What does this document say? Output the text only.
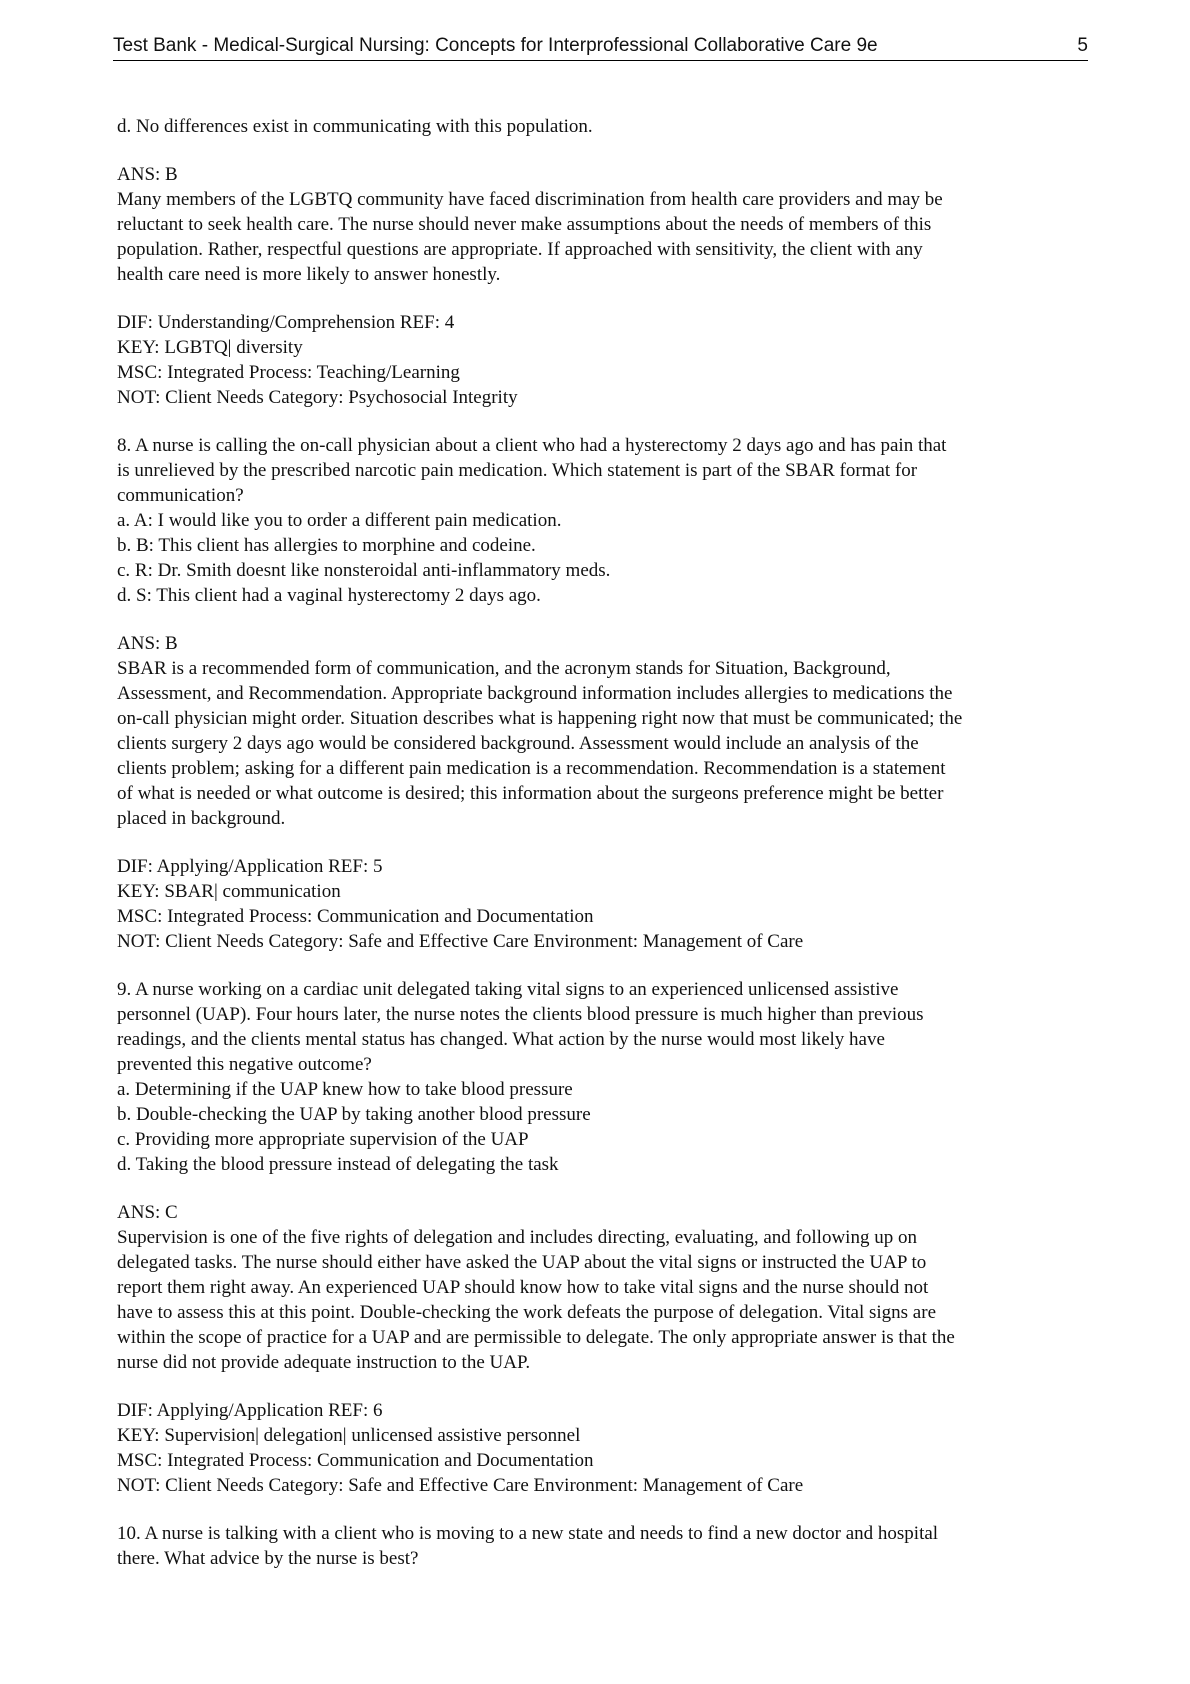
Test Bank - Medical-Surgical Nursing: Concepts for Interprofessional Collaborative Care 9e	5
d. No differences exist in communicating with this population.
ANS: B
Many members of the LGBTQ community have faced discrimination from health care providers and may be
reluctant to seek health care. The nurse should never make assumptions about the needs of members of this
population. Rather, respectful questions are appropriate. If approached with sensitivity, the client with any
health care need is more likely to answer honestly.
DIF: Understanding/Comprehension REF: 4
KEY: LGBTQ| diversity
MSC: Integrated Process: Teaching/Learning
NOT: Client Needs Category: Psychosocial Integrity
8. A nurse is calling the on-call physician about a client who had a hysterectomy 2 days ago and has pain that
is unrelieved by the prescribed narcotic pain medication. Which statement is part of the SBAR format for
communication?
a. A: I would like you to order a different pain medication.
b. B: This client has allergies to morphine and codeine.
c. R: Dr. Smith doesnt like nonsteroidal anti-inflammatory meds.
d. S: This client had a vaginal hysterectomy 2 days ago.
ANS: B
SBAR is a recommended form of communication, and the acronym stands for Situation, Background,
Assessment, and Recommendation. Appropriate background information includes allergies to medications the
on-call physician might order. Situation describes what is happening right now that must be communicated; the
clients surgery 2 days ago would be considered background. Assessment would include an analysis of the
clients problem; asking for a different pain medication is a recommendation. Recommendation is a statement
of what is needed or what outcome is desired; this information about the surgeons preference might be better
placed in background.
DIF: Applying/Application REF: 5
KEY: SBAR| communication
MSC: Integrated Process: Communication and Documentation
NOT: Client Needs Category: Safe and Effective Care Environment: Management of Care
9. A nurse working on a cardiac unit delegated taking vital signs to an experienced unlicensed assistive
personnel (UAP). Four hours later, the nurse notes the clients blood pressure is much higher than previous
readings, and the clients mental status has changed. What action by the nurse would most likely have
prevented this negative outcome?
a. Determining if the UAP knew how to take blood pressure
b. Double-checking the UAP by taking another blood pressure
c. Providing more appropriate supervision of the UAP
d. Taking the blood pressure instead of delegating the task
ANS: C
Supervision is one of the five rights of delegation and includes directing, evaluating, and following up on
delegated tasks. The nurse should either have asked the UAP about the vital signs or instructed the UAP to
report them right away. An experienced UAP should know how to take vital signs and the nurse should not
have to assess this at this point. Double-checking the work defeats the purpose of delegation. Vital signs are
within the scope of practice for a UAP and are permissible to delegate. The only appropriate answer is that the
nurse did not provide adequate instruction to the UAP.
DIF: Applying/Application REF: 6
KEY: Supervision| delegation| unlicensed assistive personnel
MSC: Integrated Process: Communication and Documentation
NOT: Client Needs Category: Safe and Effective Care Environment: Management of Care
10. A nurse is talking with a client who is moving to a new state and needs to find a new doctor and hospital
there. What advice by the nurse is best?
